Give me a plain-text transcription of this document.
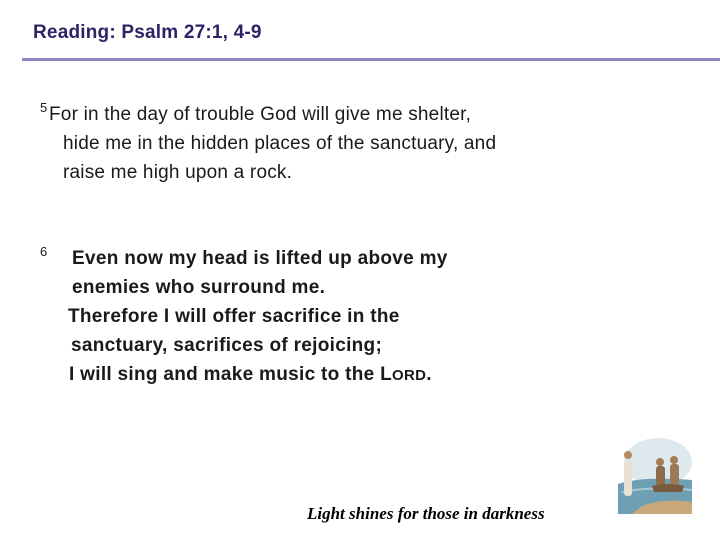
Reading: Psalm 27:1, 4-9
5 For in the day of trouble God will give me shelter,
hide me in the hidden places of the sanctuary, and
raise me high upon a rock.
6 Even now my head is lifted up above my
enemies who surround me.
Therefore I will offer sacrifice in the
sanctuary, sacrifices of rejoicing;
I will sing and make music to the LORD.
Light shines for those in darkness
